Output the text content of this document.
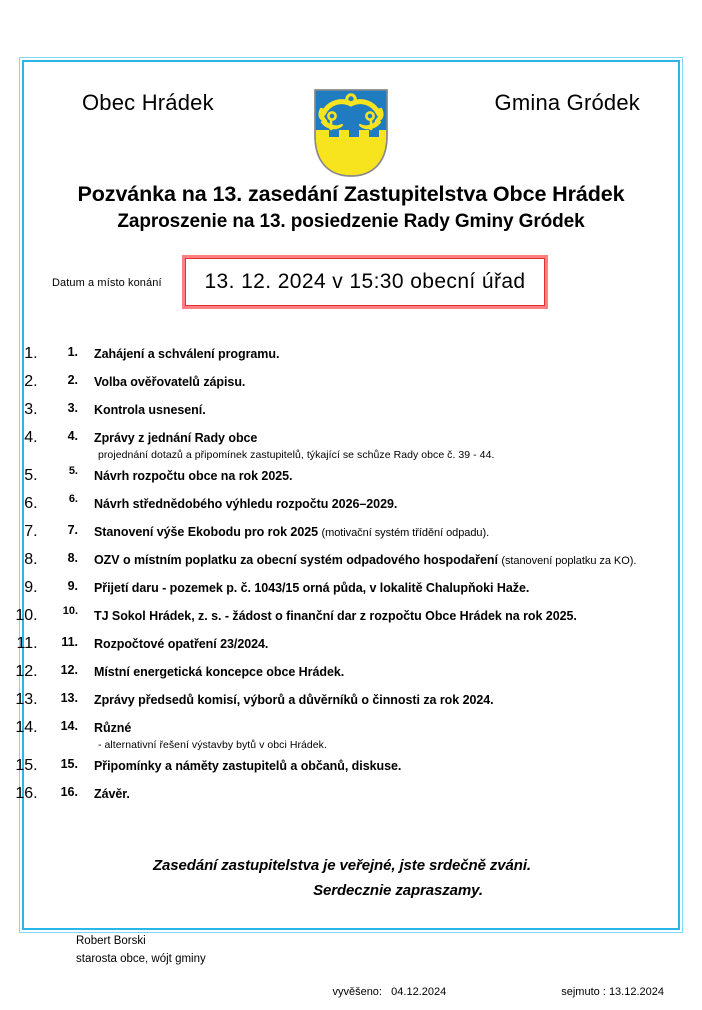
Obec Hrádek	Gmina Gródek
Pozvánka na 13. zasedání Zastupitelstva Obce Hrádek
Zaproszenie na 13. posiedzenie Rady Gminy Gródek
Datum a místo konání 13. 12. 2024 v 15:30 obecní úřad
1. 1. Zahájení a schválení programu.
2. 2. Volba ověřovatelů zápisu.
3. 3. Kontrola usnesení.
4. 4. Zprávy z jednání Rady obce
projednání dotazů a připomínek zastupitelů, týkající se schůze Rady obce č. 39 - 44.
5. 5. Návrh rozpočtu obce na rok 2025.
6. 6. Návrh střednědobého výhledu rozpočtu 2026–2029.
7. 7. Stanovení výše Ekobodu pro rok 2025 (motivační systém třídění odpadu).
8. 8. OZV o místním poplatku za obecní systém odpadového hospodaření (stanovení poplatku za KO).
9. 9. Přijetí daru - pozemek p. č. 1043/15 orná půda, v lokalitě Chalupňoki Haže.
10. 10. TJ Sokol Hrádek, z. s. - žádost o finanční dar z rozpočtu Obce Hrádek na rok 2025.
11. 11. Rozpočtové opatření 23/2024.
12. 12. Místní energetická koncepce obce Hrádek.
13. 13. Zprávy předsedů komisí, výborů a důvěrníků o činnosti za rok 2024.
14. 14. Různé
- alternativní řešení výstavby bytů v obci Hrádek.
15. 15. Připomínky a náměty zastupitelů a občanů, diskuse.
16. 16. Závěr.
Zasedání zastupitelstva je veřejné, jste srdečně zváni.
Serdecznie zapraszamy.
Robert Borski
starosta obce, wójt gminy

vyvěšeno: 04.12.2024
	sejmuto : 13.12.2024
